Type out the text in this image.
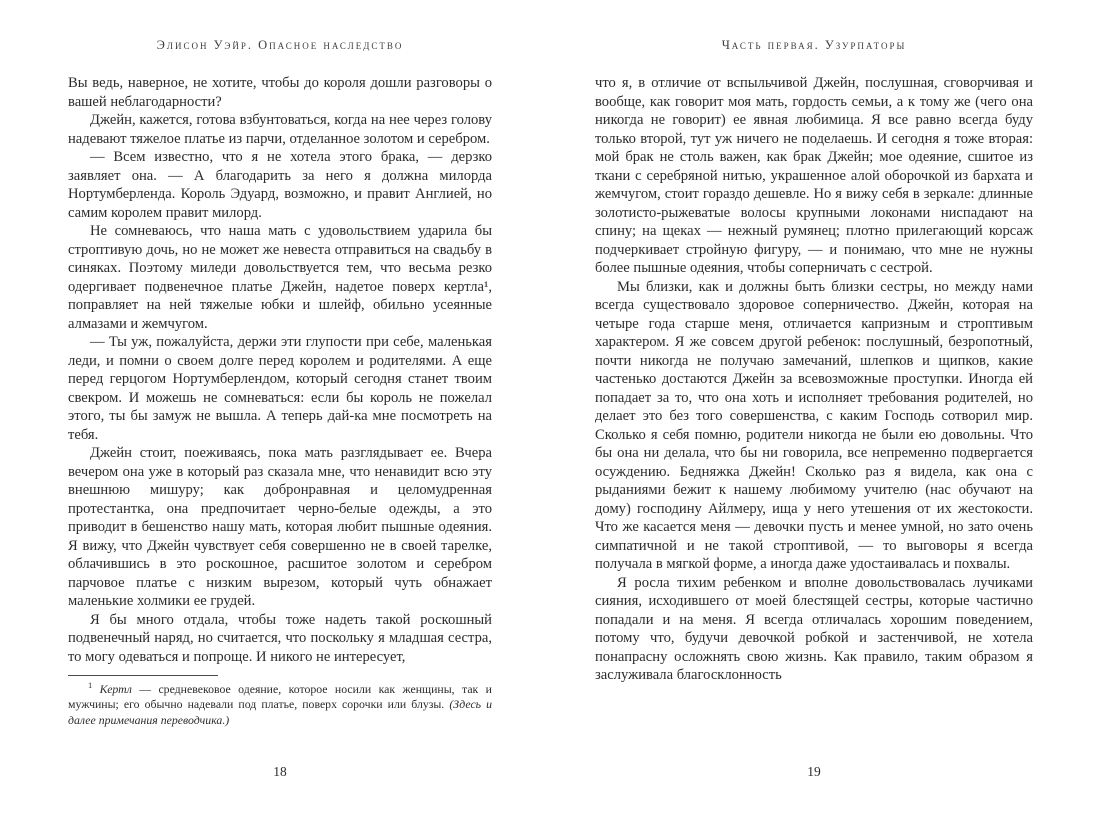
Элисон Уэйр. Опасное наследство

Вы ведь, наверное, не хотите, чтобы до короля дошли разговоры о вашей неблагодарности?

Джейн, кажется, готова взбунтоваться, когда на нее через голову надевают тяжелое платье из парчи, отделанное золотом и серебром.

— Всем известно, что я не хотела этого брака, — дерзко заявляет она. — А благодарить за него я должна милорда Нортумберленда. Король Эдуард, возможно, и правит Англией, но самим королем правит милорд.

Не сомневаюсь, что наша мать с удовольствием ударила бы строптивую дочь, но не может же невеста отправиться на свадьбу в синяках. Поэтому миледи довольствуется тем, что весьма резко одергивает подвенечное платье Джейн, надетое поверх кертла¹, поправляет на ней тяжелые юбки и шлейф, обильно усеянные алмазами и жемчугом.

— Ты уж, пожалуйста, держи эти глупости при себе, маленькая леди, и помни о своем долге перед королем и родителями. А еще перед герцогом Нортумберлендом, который сегодня станет твоим свекром. И можешь не сомневаться: если бы король не пожелал этого, ты бы замуж не вышла. А теперь дай-ка мне посмотреть на тебя.

Джейн стоит, поеживаясь, пока мать разглядывает ее. Вчера вечером она уже в который раз сказала мне, что ненавидит всю эту внешнюю мишуру; как добронравная и целомудренная протестантка, она предпочитает черно-белые одежды, а это приводит в бешенство нашу мать, которая любит пышные одеяния. Я вижу, что Джейн чувствует себя совершенно не в своей тарелке, облачившись в это роскошное, расшитое золотом и серебром парчовое платье с низким вырезом, который чуть обнажает маленькие холмики ее грудей.

Я бы много отдала, чтобы тоже надеть такой роскошный подвенечный наряд, но считается, что поскольку я младшая сестра, то могу одеваться и попроще. И никого не интересует,

$^1$ Кертл — средневековое одеяние, которое носили как женщины, так и мужчины; его обычно надевали под платье, поверх сорочки или блузы. (Здесь и далее примечания переводчика.)

18
Часть первая. Узурпаторы

что я, в отличие от вспыльчивой Джейн, послушная, сговорчивая и вообще, как говорит моя мать, гордость семьи, а к тому же (чего она никогда не говорит) ее явная любимица. Я все равно всегда буду только второй, тут уж ничего не поделаешь. И сегодня я тоже вторая: мой брак не столь важен, как брак Джейн; мое одеяние, сшитое из ткани с серебряной нитью, украшенное алой оборочкой из бархата и жемчугом, стоит гораздо дешевле. Но я вижу себя в зеркале: длинные золотисто-рыжеватые волосы крупными локонами ниспадают на спину; на щеках — нежный румянец; плотно прилегающий корсаж подчеркивает стройную фигуру, — и понимаю, что мне не нужны более пышные одеяния, чтобы соперничать с сестрой.

Мы близки, как и должны быть близки сестры, но между нами всегда существовало здоровое соперничество. Джейн, которая на четыре года старше меня, отличается капризным и строптивым характером. Я же совсем другой ребенок: послушный, безропотный, почти никогда не получаю замечаний, шлепков и щипков, какие частенько достаются Джейн за всевозможные проступки. Иногда ей попадает за то, что она хоть и исполняет требования родителей, но делает это без того совершенства, с каким Господь сотворил мир. Сколько я себя помню, родители никогда не были ею довольны. Что бы она ни делала, что бы ни говорила, все непременно подвергается осуждению. Бедняжка Джейн! Сколько раз я видела, как она с рыданиями бежит к нашему любимому учителю (нас обучают на дому) господину Айлмеру, ища у него утешения от их жестокости. Что же касается меня — девочки пусть и менее умной, но зато очень симпатичной и не такой строптивой, — то выговоры я всегда получала в мягкой форме, а иногда даже удостаивалась и похвалы.

Я росла тихим ребенком и вполне довольствовалась лучиками сияния, исходившего от моей блестящей сестры, которые частично попадали и на меня. Я всегда отличалась хорошим поведением, потому что, будучи девочкой робкой и застенчивой, не хотела понапрасну осложнять свою жизнь. Как правило, таким образом я заслуживала благосклонность

19
